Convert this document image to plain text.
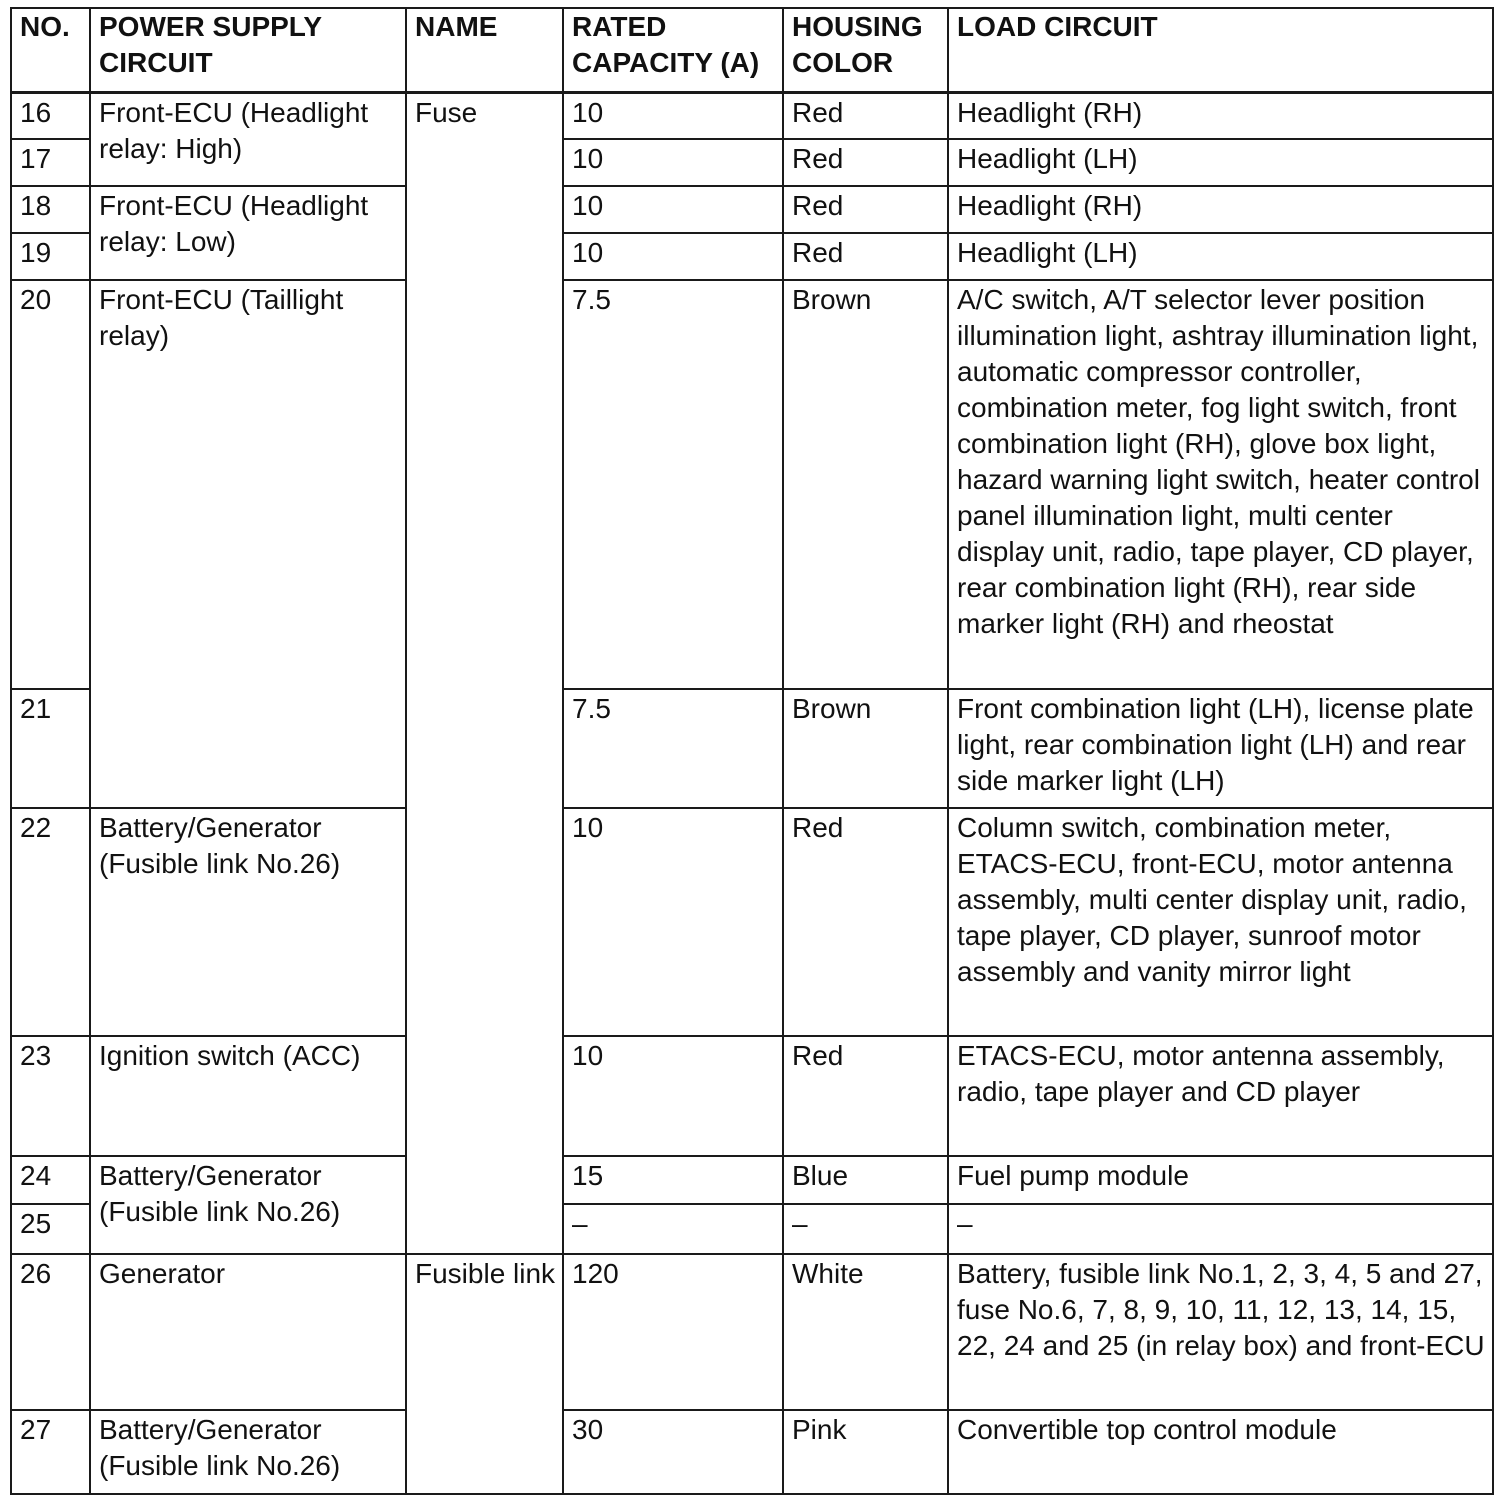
NO.	POWER SUPPLY CIRCUIT	NAME	RATED CAPACITY (A)	HOUSING COLOR	LOAD CIRCUIT
16	Front-ECU (Headlight relay: High)	Fuse	10	Red	Headlight (RH)
17			10	Red	Headlight (LH)
18	Front-ECU (Headlight relay: Low)		10	Red	Headlight (RH)
19			10	Red	Headlight (LH)
20	Front-ECU (Taillight relay)		7.5	Brown	A/C switch, A/T selector lever position illumination light, ashtray illumination light, automatic compressor controller, combination meter, fog light switch, front combination light (RH), glove box light, hazard warning light switch, heater control panel illumination light, multi center display unit, radio, tape player, CD player, rear combination light (RH), rear side marker light (RH) and rheostat
21			7.5	Brown	Front combination light (LH), license plate light, rear combination light (LH) and rear side marker light (LH)
22	Battery/Generator (Fusible link No.26)		10	Red	Column switch, combination meter, ETACS-ECU, front-ECU, motor antenna assembly, multi center display unit, radio, tape player, CD player, sunroof motor assembly and vanity mirror light
23	Ignition switch (ACC)		10	Red	ETACS-ECU, motor antenna assembly, radio, tape player and CD player
24	Battery/Generator (Fusible link No.26)		15	Blue	Fuel pump module
25			–	–	–
26	Generator	Fusible link	120	White	Battery, fusible link No.1, 2, 3, 4, 5 and 27, fuse No.6, 7, 8, 9, 10, 11, 12, 13, 14, 15, 22, 24 and 25 (in relay box) and front-ECU
27	Battery/Generator (Fusible link No.26)		30	Pink	Convertible top control module
